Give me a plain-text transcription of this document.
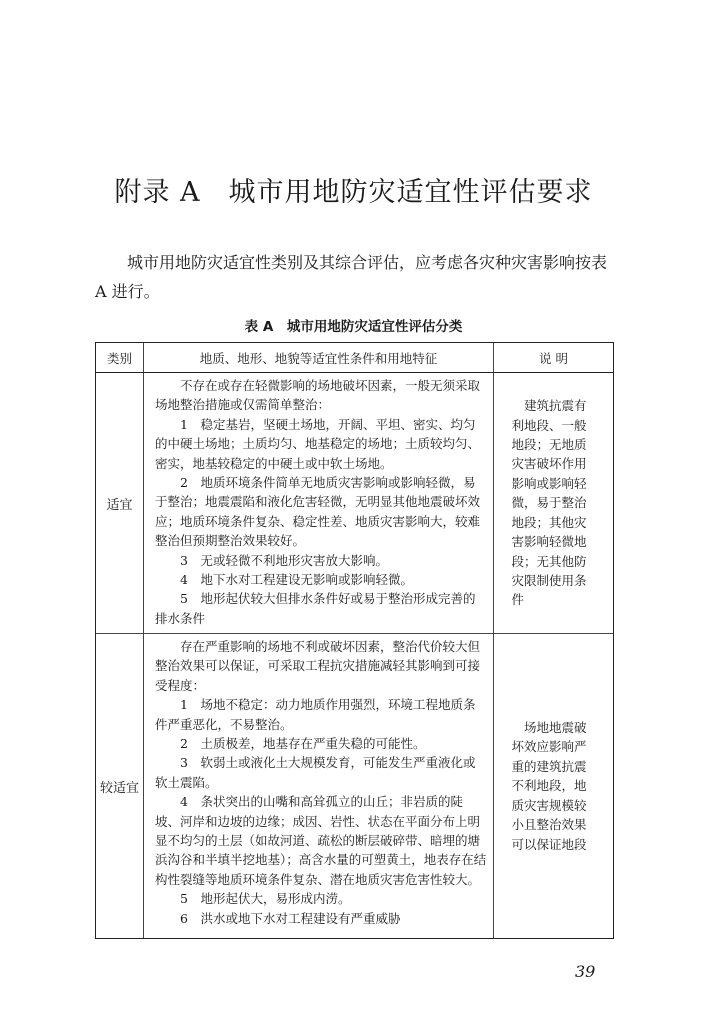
附录 A　城市用地防灾适宜性评估要求

城市用地防灾适宜性类别及其综合评估，应考虑各灾种灾害影响按表 A 进行。

表 A　城市用地防灾适宜性评估分类
类别	地质、地形、地貌等适宜性条件和用地特征	说 明
适宜

不存在或存在轻微影响的场地破坏因素，一般无须采取场地整治措施或仅需简单整治：

1　稳定基岩，坚硬土场地，开阔、平坦、密实、均匀的中硬土场地；土质均匀、地基稳定的场地；土质较均匀、密实，地基较稳定的中硬土或中软土场地。

2　地质环境条件简单无地质灾害影响或影响轻微，易于整治；地震震陷和液化危害轻微，无明显其他地震破坏效应；地质环境条件复杂、稳定性差、地质灾害影响大，较难整治但预期整治效果较好。

3　无或轻微不利地形灾害放大影响。

4　地下水对工程建设无影响或影响轻微。

5　地形起伏较大但排水条件好或易于整治形成完善的排水条件

建筑抗震有利地段、一般地段；无地质灾害破坏作用影响或影响轻微，易于整治地段；其他灾害影响轻微地段；无其他防灾限制使用条件

较适宜

存在严重影响的场地不利或破坏因素，整治代价较大但整治效果可以保证，可采取工程抗灾措施减轻其影响到可接受程度：

1　场地不稳定：动力地质作用强烈，环境工程地质条件严重恶化，不易整治。

2　土质极差，地基存在严重失稳的可能性。

3　软弱土或液化土大规模发育，可能发生严重液化或软土震陷。

4　条状突出的山嘴和高耸孤立的山丘；非岩质的陡坡、河岸和边坡的边缘；成因、岩性、状态在平面分布上明显不均匀的土层（如故河道、疏松的断层破碎带、暗埋的塘浜沟谷和半填半挖地基）；高含水量的可塑黄土，地表存在结构性裂缝等地质环境条件复杂、潜在地质灾害危害性较大。

5　地形起伏大，易形成内涝。

6　洪水或地下水对工程建设有严重威胁

场地地震破坏效应影响严重的建筑抗震不利地段，地质灾害规模较小且整治效果可以保证地段

39
